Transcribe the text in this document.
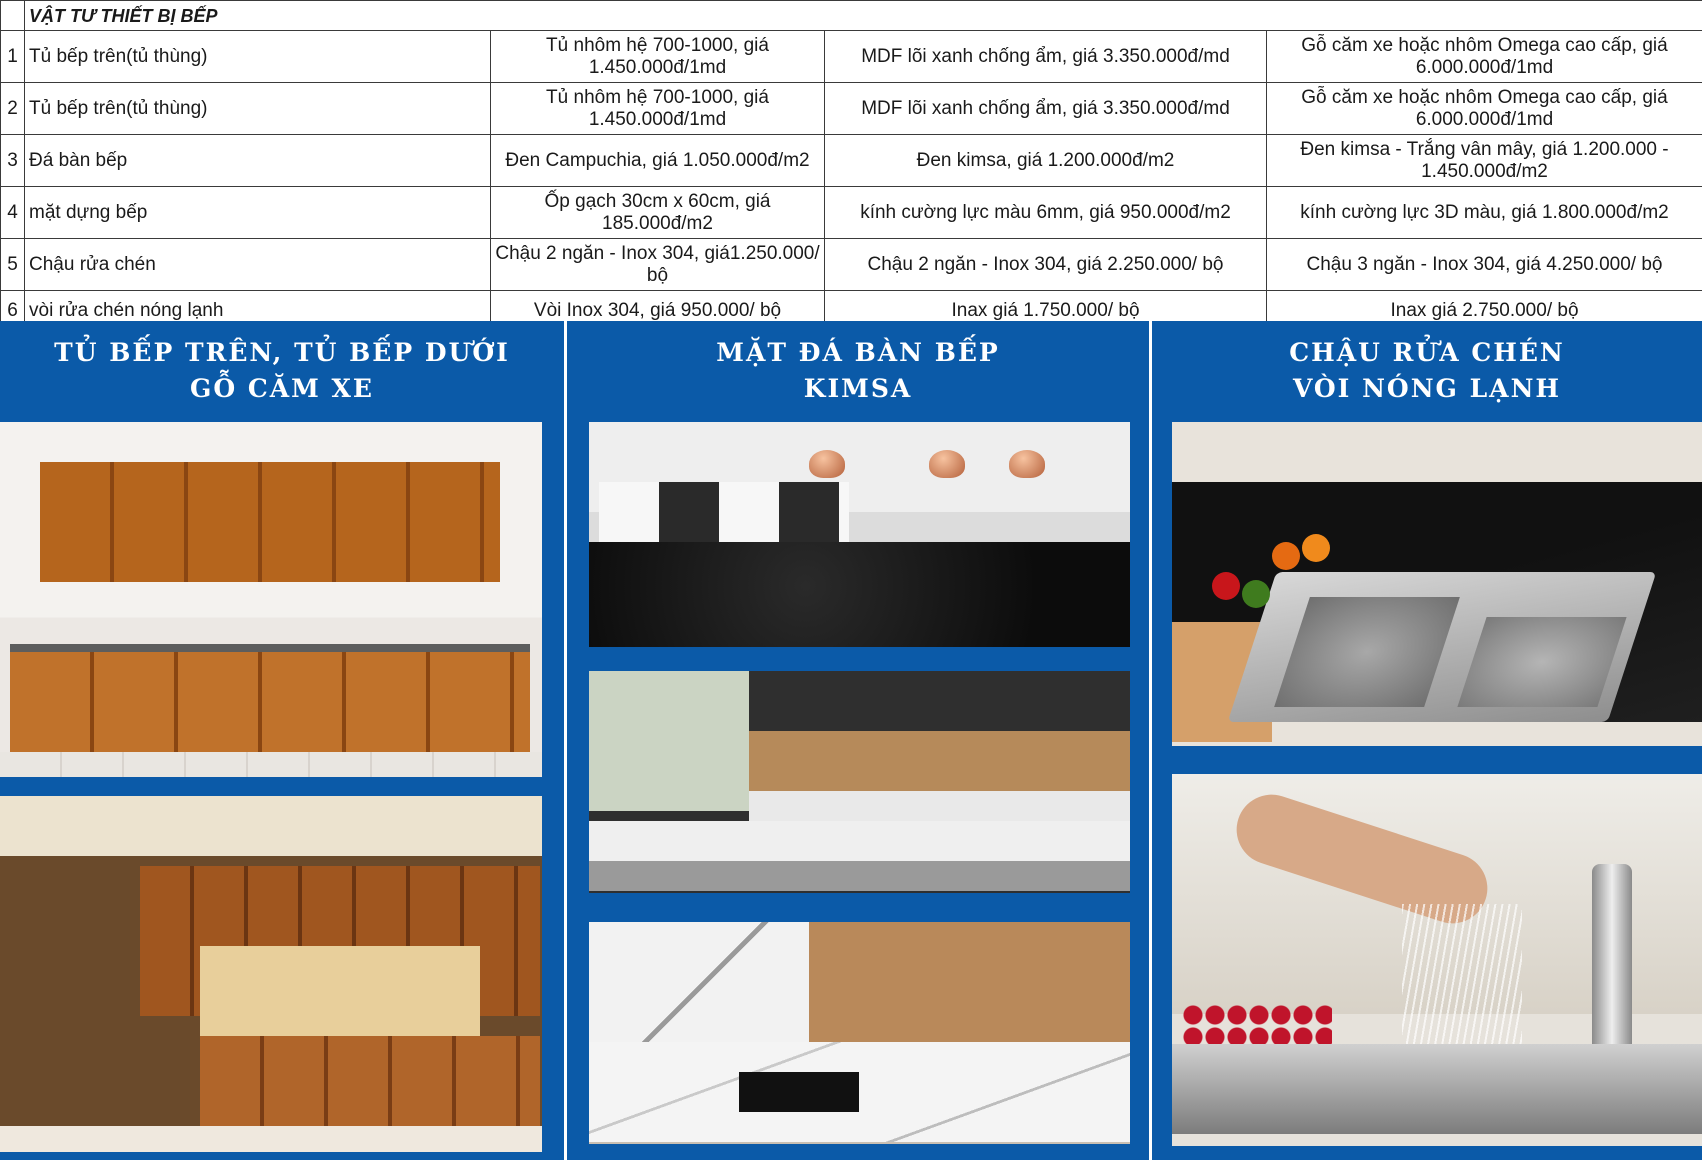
	VẬT TƯ THIẾT BỊ BẾP			
1	Tủ bếp trên(tủ thùng)	Tủ nhôm hệ 700-1000, giá 1.450.000đ/1md	MDF lõi xanh chống ẩm, giá 3.350.000đ/md	Gỗ căm xe hoặc nhôm Omega cao cấp, giá 6.000.000đ/1md
2	Tủ bếp trên(tủ thùng)	Tủ nhôm hệ 700-1000, giá 1.450.000đ/1md	MDF lõi xanh chống ẩm, giá 3.350.000đ/md	Gỗ căm xe hoặc nhôm Omega cao cấp, giá 6.000.000đ/1md
3	Đá bàn bếp	Đen Campuchia, giá 1.050.000đ/m2	Đen kimsa, giá 1.200.000đ/m2	Đen kimsa - Trắng vân mây, giá 1.200.000 - 1.450.000đ/m2
4	mặt dựng bếp	Ốp gạch 30cm x 60cm, giá 185.000đ/m2	kính cường lực màu 6mm, giá 950.000đ/m2	kính cường lực 3D màu, giá 1.800.000đ/m2
5	Chậu rửa chén	Chậu 2 ngăn - Inox 304, giá1.250.000/ bộ	Chậu 2 ngăn - Inox 304, giá 2.250.000/ bộ	Chậu 3 ngăn - Inox 304, giá 4.250.000/ bộ
6	vòi rửa chén nóng lạnh	Vòi Inox 304, giá 950.000/ bộ	Inax giá 1.750.000/ bộ	Inax giá 2.750.000/ bộ
TỦ BẾP TRÊN, TỦ BẾP DƯỚI
GỖ CĂM XE
MẶT ĐÁ BÀN BẾP
KIMSA
CHẬU RỬA CHÉN
VÒI NÓNG LẠNH
